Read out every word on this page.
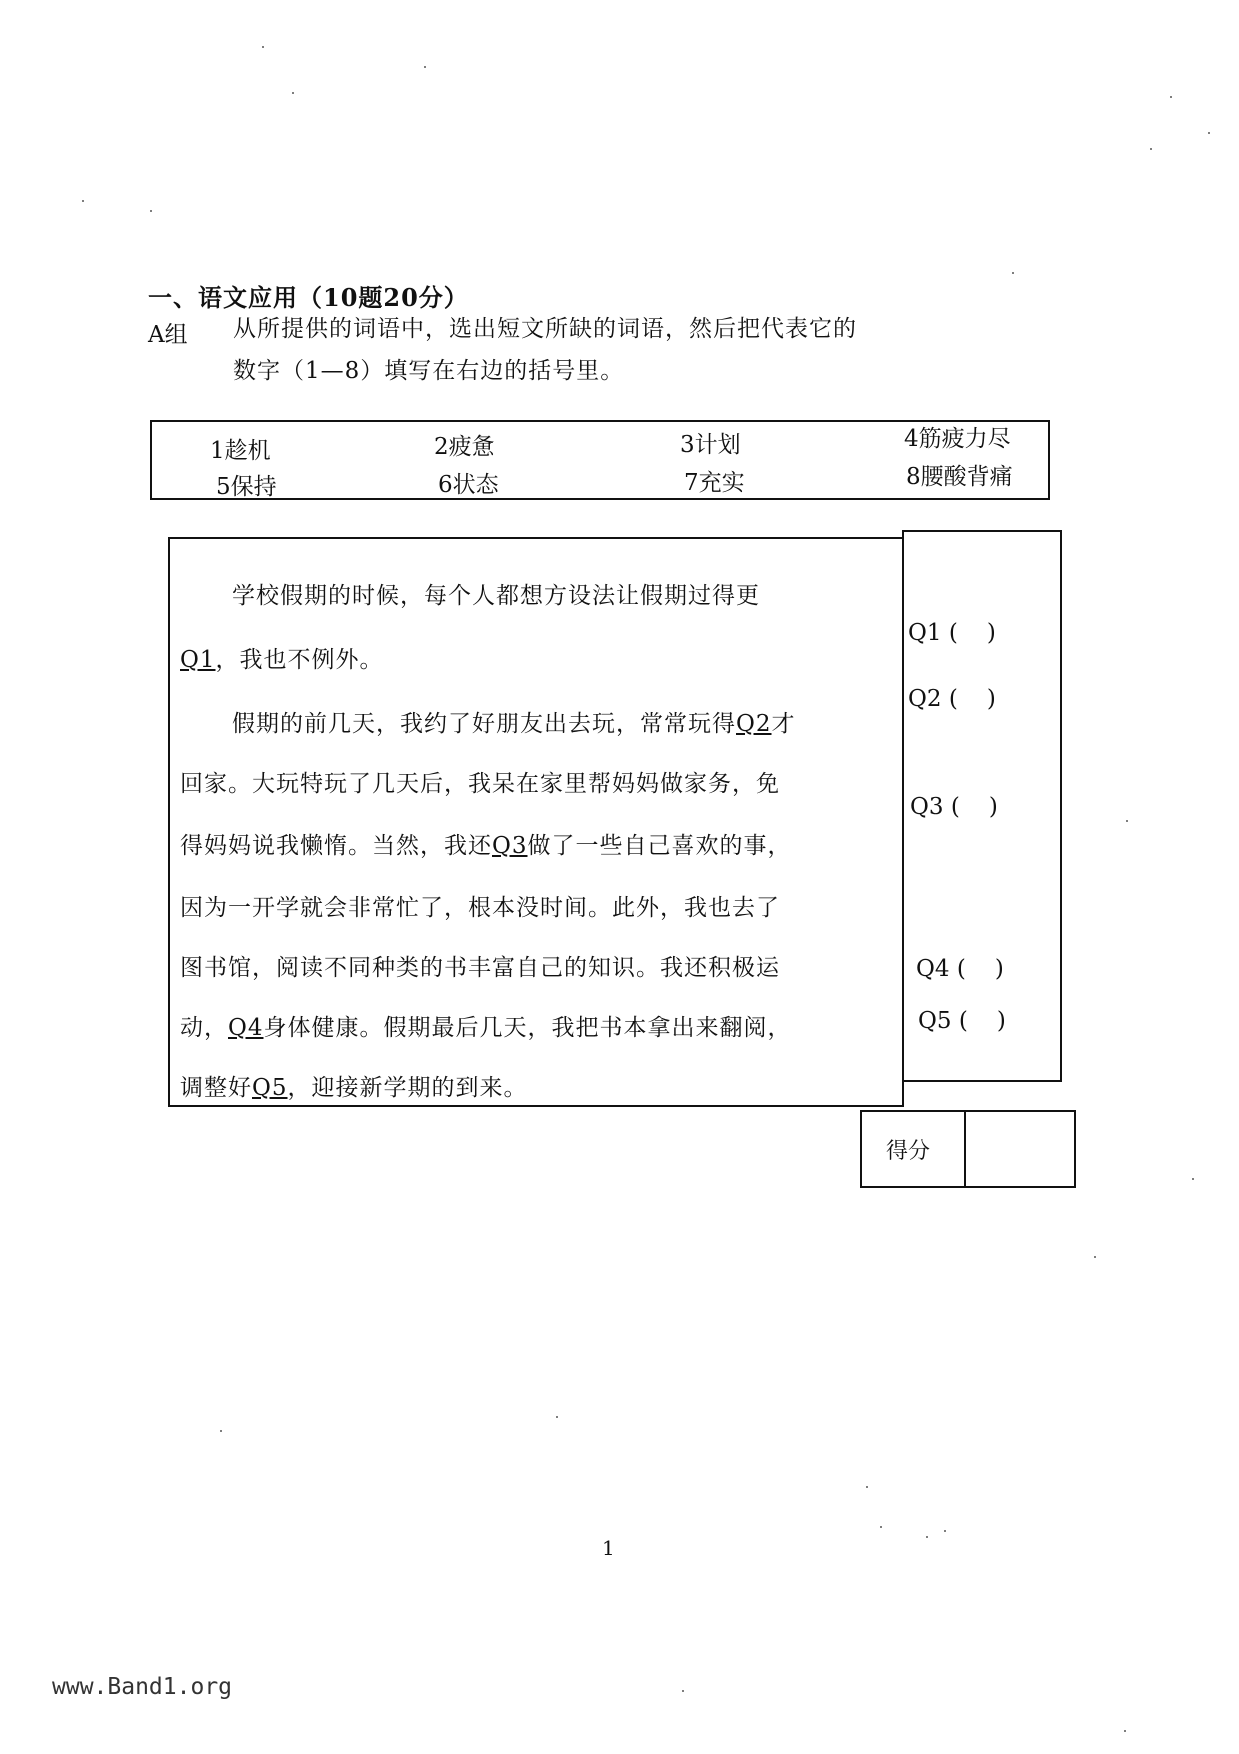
一、语文应用（10题20分）
A组 从所提供的词语中，选出短文所缺的词语，然后把代表它的
数字（1—8）填写在右边的括号里。
1趁机	2疲惫	3计划	4筋疲力尽
5保持	6状态	7充实	8腰酸背痛
学校假期的时候，每个人都想方设法让假期过得更
Q1，我也不例外。
假期的前几天，我约了好朋友出去玩，常常玩得Q2才
回家。大玩特玩了几天后，我呆在家里帮妈妈做家务，免
得妈妈说我懒惰。当然，我还Q3做了一些自己喜欢的事，
因为一开学就会非常忙了，根本没时间。此外，我也去了
图书馆，阅读不同种类的书丰富自己的知识。我还积极运
动，Q4身体健康。假期最后几天，我把书本拿出来翻阅，
调整好Q5，迎接新学期的到来。
Q1 ( )
Q2 ( )
Q3 ( )
Q4 ( )
Q5 ( )
得分
1
www.Band1.org
